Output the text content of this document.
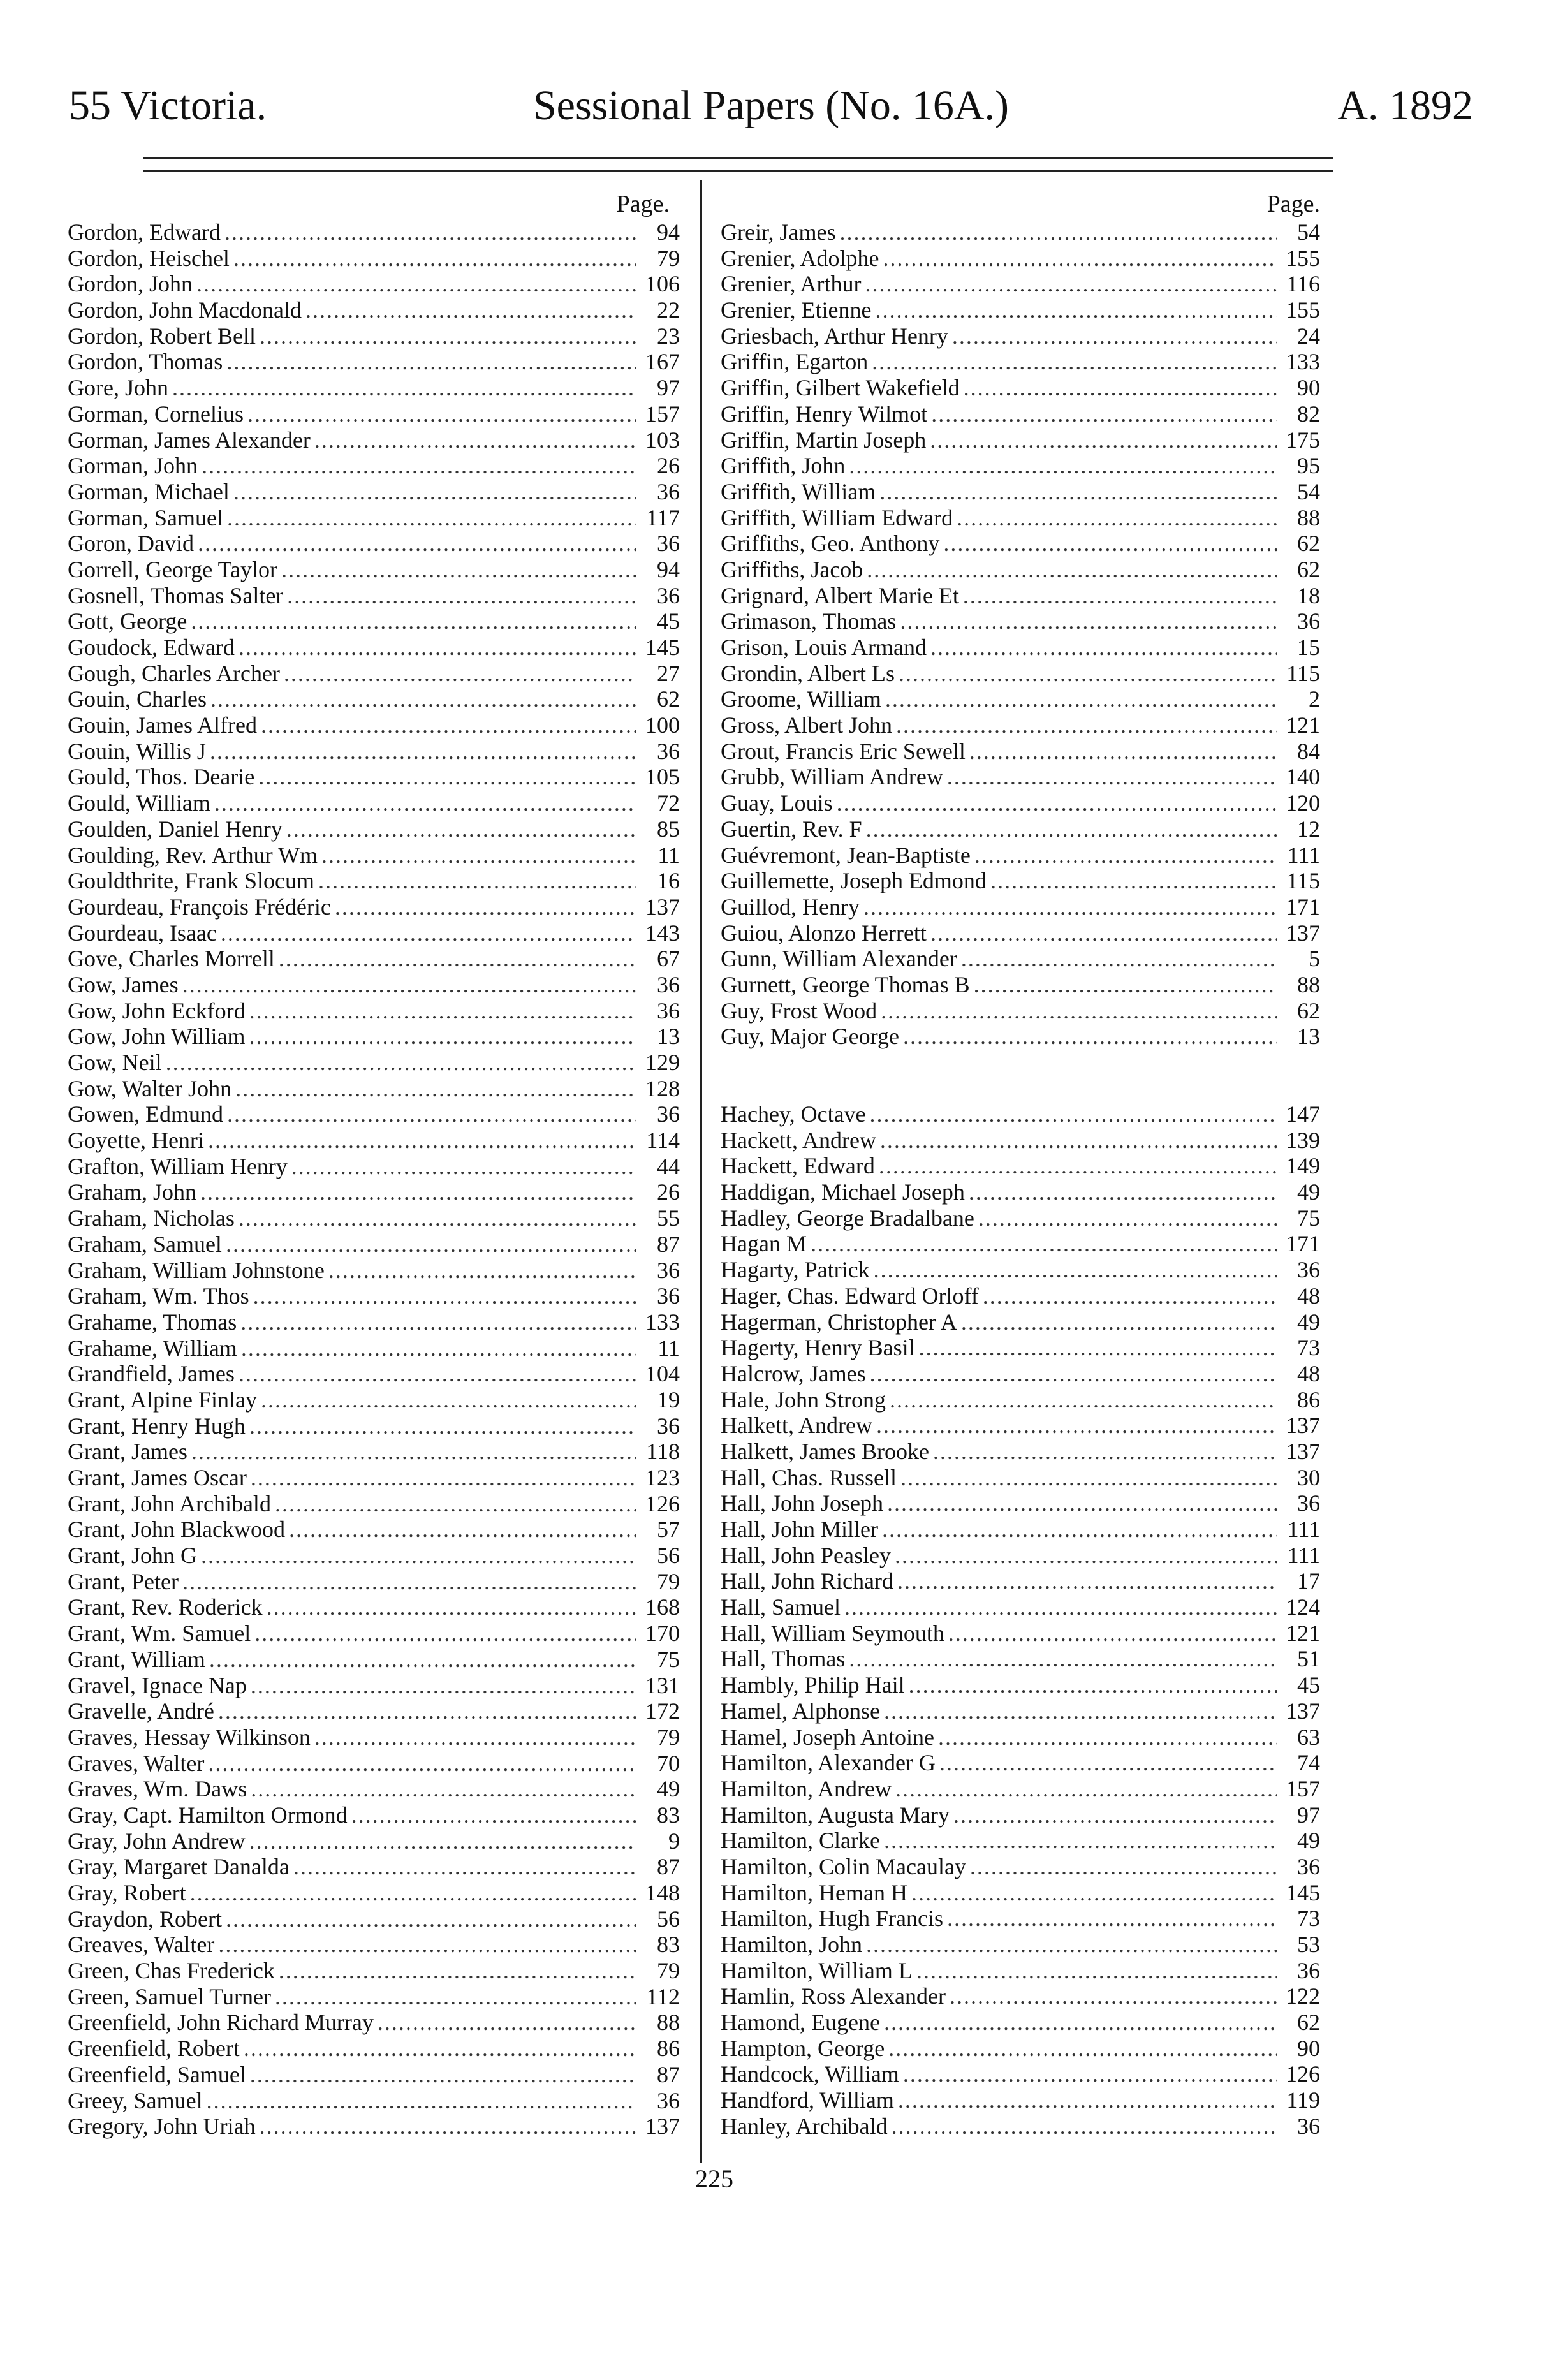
55 Victoria.	Sessional Papers (No. 16A.)	A. 1892
Page.
Gordon, Edward .....	94
Gordon, Heischel .....	79
Gordon, John .....	106
Gordon, John Macdonald .....	22
Gordon, Robert Bell .....	23
Gordon, Thomas .....	167
Gore, John .....	97
Gorman, Cornelius .....	157
Gorman, James Alexander .....	103
Gorman, John .....	26
Gorman, Michael .....	36
Gorman, Samuel .....	117
Goron, David .....	36
Gorrell, George Taylor .....	94
Gosnell, Thomas Salter .....	36
Gott, George .....	45
Goudock, Edward .....	145
Gough, Charles Archer .....	27
Gouin, Charles .....	62
Gouin, James Alfred .....	100
Gouin, Willis J .....	36
Gould, Thos. Dearie .....	105
Gould, William .....	72
Goulden, Daniel Henry .....	85
Goulding, Rev. Arthur Wm .....	11
Gouldthrite, Frank Slocum .....	16
Gourdeau, François Frédéric .....	137
Gourdeau, Isaac .....	143
Gove, Charles Morrell .....	67
Gow, James .....	36
Gow, John Eckford .....	36
Gow, John William .....	13
Gow, Neil .....	129
Gow, Walter John .....	128
Gowen, Edmund .....	36
Goyette, Henri .....	114
Grafton, William Henry .....	44
Graham, John .....	26
Graham, Nicholas .....	55
Graham, Samuel .....	87
Graham, William Johnstone .....	36
Graham, Wm. Thos .....	36
Grahame, Thomas .....	133
Grahame, William .....	11
Grandfield, James .....	104
Grant, Alpine Finlay .....	19
Grant, Henry Hugh .....	36
Grant, James .....	118
Grant, James Oscar .....	123
Grant, John Archibald .....	126
Grant, John Blackwood .....	57
Grant, John G .....	56
Grant, Peter .....	79
Grant, Rev. Roderick .....	168
Grant, Wm. Samuel .....	170
Grant, William .....	75
Gravel, Ignace Nap .....	131
Gravelle, André .....	172
Graves, Hessay Wilkinson .....	79
Graves, Walter .....	70
Graves, Wm. Daws .....	49
Gray, Capt. Hamilton Ormond .....	83
Gray, John Andrew .....	9
Gray, Margaret Danalda .....	87
Gray, Robert .....	148
Graydon, Robert .....	56
Greaves, Walter .....	83
Green, Chas Frederick .....	79
Green, Samuel Turner .....	112
Greenfield, John Richard Murray .....	88
Greenfield, Robert .....	86
Greenfield, Samuel .....	87
Greey, Samuel .....	36
Gregory, John Uriah .....	137
Page.
Greir, James .....	54
Grenier, Adolphe .....	155
Grenier, Arthur .....	116
Grenier, Etienne .....	155
Griesbach, Arthur Henry .....	24
Griffin, Egarton .....	133
Griffin, Gilbert Wakefield .....	90
Griffin, Henry Wilmot .....	82
Griffin, Martin Joseph .....	175
Griffith, John .....	95
Griffith, William .....	54
Griffith, William Edward .....	88
Griffiths, Geo. Anthony .....	62
Griffiths, Jacob .....	62
Grignard, Albert Marie Et .....	18
Grimason, Thomas .....	36
Grison, Louis Armand .....	15
Grondin, Albert Ls .....	115
Groome, William .....	2
Gross, Albert John .....	121
Grout, Francis Eric Sewell .....	84
Grubb, William Andrew .....	140
Guay, Louis .....	120
Guertin, Rev. F .....	12
Guévremont, Jean-Baptiste .....	111
Guillemette, Joseph Edmond .....	115
Guillod, Henry .....	171
Guiou, Alonzo Herrett .....	137
Gunn, William Alexander .....	5
Gurnett, George Thomas B .....	88
Guy, Frost Wood .....	62
Guy, Major George .....	13
Hachey, Octave .....	147
Hackett, Andrew .....	139
Hackett, Edward .....	149
Haddigan, Michael Joseph .....	49
Hadley, George Bradalbane .....	75
Hagan M .....	171
Hagarty, Patrick .....	36
Hager, Chas. Edward Orloff .....	48
Hagerman, Christopher A .....	49
Hagerty, Henry Basil .....	73
Halcrow, James .....	48
Hale, John Strong .....	86
Halkett, Andrew .....	137
Halkett, James Brooke .....	137
Hall, Chas. Russell .....	30
Hall, John Joseph .....	36
Hall, John Miller .....	111
Hall, John Peasley .....	111
Hall, John Richard .....	17
Hall, Samuel .....	124
Hall, William Seymouth .....	121
Hall, Thomas .....	51
Hambly, Philip Hail .....	45
Hamel, Alphonse .....	137
Hamel, Joseph Antoine .....	63
Hamilton, Alexander G .....	74
Hamilton, Andrew .....	157
Hamilton, Augusta Mary .....	97
Hamilton, Clarke .....	49
Hamilton, Colin Macaulay .....	36
Hamilton, Heman H .....	145
Hamilton, Hugh Francis .....	73
Hamilton, John .....	53
Hamilton, William L .....	36
Hamlin, Ross Alexander .....	122
Hamond, Eugene .....	62
Hampton, George .....	90
Handcock, William .....	126
Handford, William .....	119
Hanley, Archibald .....	36
225
